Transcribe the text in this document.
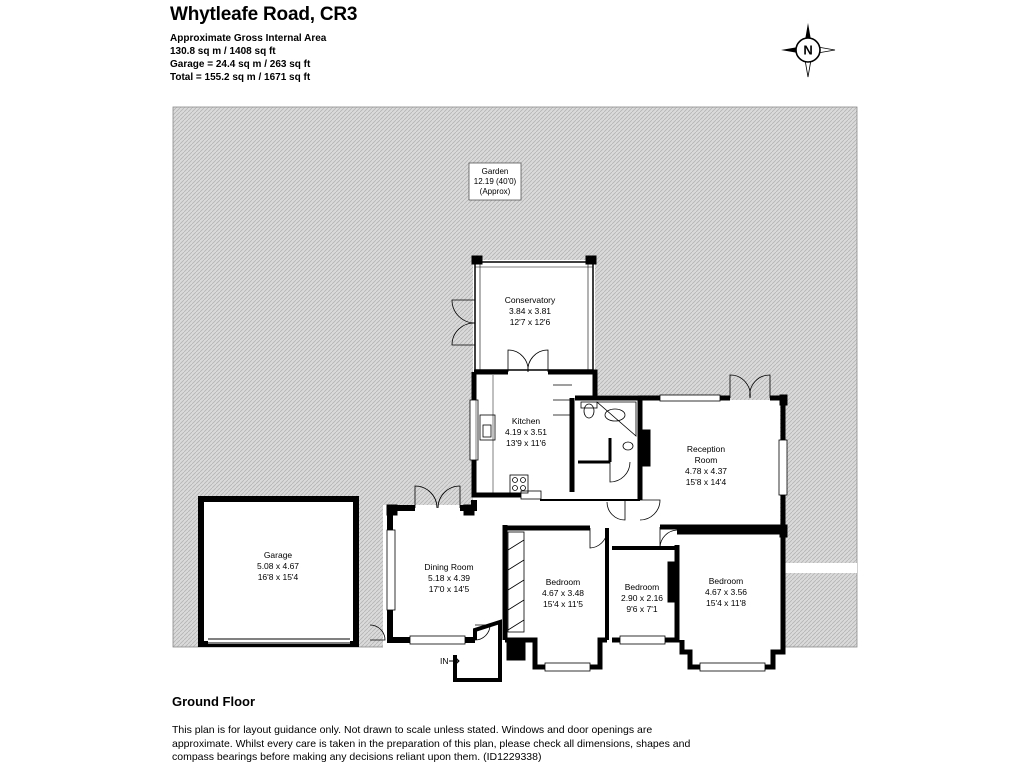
Whytleafe Road, CR3
Approximate Gross Internal Area
130.8 sq m / 1408 sq ft
Garage = 24.4 sq m / 263 sq ft
Total = 155.2 sq m / 1671 sq ft
Garden
12.19 (40'0)
(Approx)
IN
Conservatory
3.84 x 3.81
12'7 x 12'6
Kitchen
4.19 x 3.51
13'9 x 11'6
Reception
Room
4.78 x 4.37
15'8 x 14'4
Garage
5.08 x 4.67
16'8 x 15'4
Dining Room
5.18 x 4.39
17'0 x 14'5
Bedroom
4.67 x 3.48
15'4 x 11'5
Bedroom
2.90 x 2.16
9'6 x 7'1
Bedroom
4.67 x 3.56
15'4 x 11'8
N
Ground Floor
This plan is for layout guidance only. Not drawn to scale unless stated. Windows and door openings are approximate. Whilst every care is taken in the preparation of this plan, please check all dimensions, shapes and compass bearings before making any decisions reliant upon them. (ID1229338)
